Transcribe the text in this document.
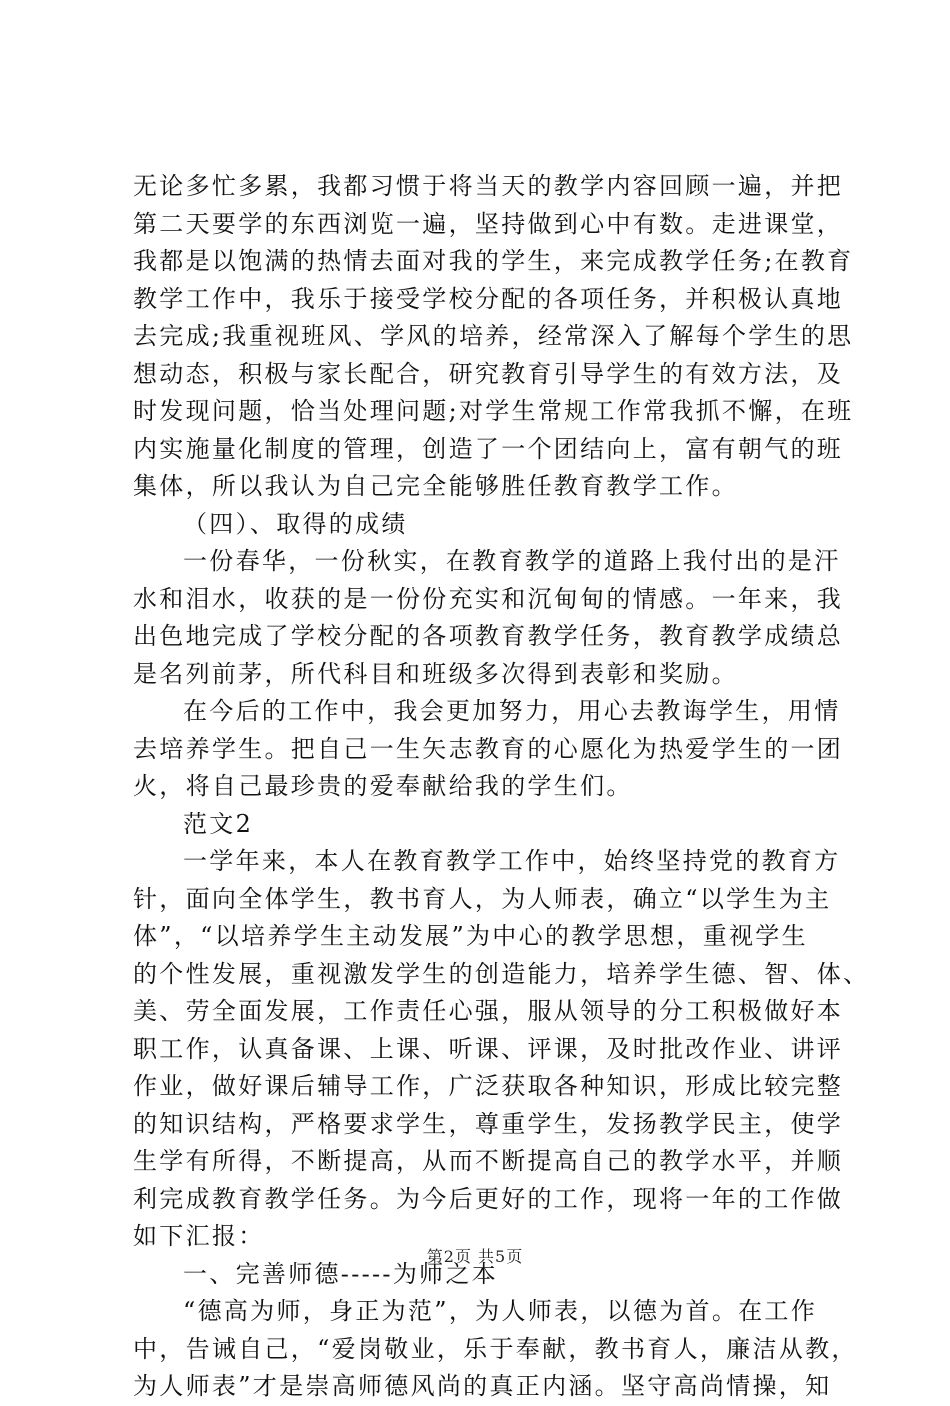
无论多忙多累，我都习惯于将当天的教学内容回顾一遍，并把
第二天要学的东西浏览一遍，坚持做到心中有数。走进课堂，
我都是以饱满的热情去面对我的学生，来完成教学任务;在教育
教学工作中，我乐于接受学校分配的各项任务，并积极认真地
去完成;我重视班风、学风的培养，经常深入了解每个学生的思
想动态，积极与家长配合，研究教育引导学生的有效方法，及
时发现问题，恰当处理问题;对学生常规工作常我抓不懈，在班
内实施量化制度的管理，创造了一个团结向上，富有朝气的班
集体，所以我认为自己完全能够胜任教育教学工作。
（四）、取得的成绩
一份春华，一份秋实，在教育教学的道路上我付出的是汗
水和泪水，收获的是一份份充实和沉甸甸的情感。一年来，我
出色地完成了学校分配的各项教育教学任务，教育教学成绩总
是名列前茅，所代科目和班级多次得到表彰和奖励。
在今后的工作中，我会更加努力，用心去教诲学生，用情
去培养学生。把自己一生矢志教育的心愿化为热爱学生的一团
火，将自己最珍贵的爱奉献给我的学生们。
范文2
一学年来，本人在教育教学工作中，始终坚持党的教育方
针，面向全体学生，教书育人，为人师表，确立“以学生为主
体”，“以培养学生主动发展”为中心的教学思想，重视学生
的个性发展，重视激发学生的创造能力，培养学生德、智、体、
美、劳全面发展，工作责任心强，服从领导的分工积极做好本
职工作，认真备课、上课、听课、评课，及时批改作业、讲评
作业，做好课后辅导工作，广泛获取各种知识，形成比较完整
的知识结构，严格要求学生，尊重学生，发扬教学民主，使学
生学有所得，不断提高，从而不断提高自己的教学水平，并顺
利完成教育教学任务。为今后更好的工作，现将一年的工作做
如下汇报：
一、完善师德-----为师之本
“德高为师，身正为范”，为人师表，以德为首。在工作
中，告诫自己，“爱岗敬业，乐于奉献，教书育人，廉洁从教，
为人师表”才是崇高师德风尚的真正内涵。坚守高尚情操，知
第2页 共5页
